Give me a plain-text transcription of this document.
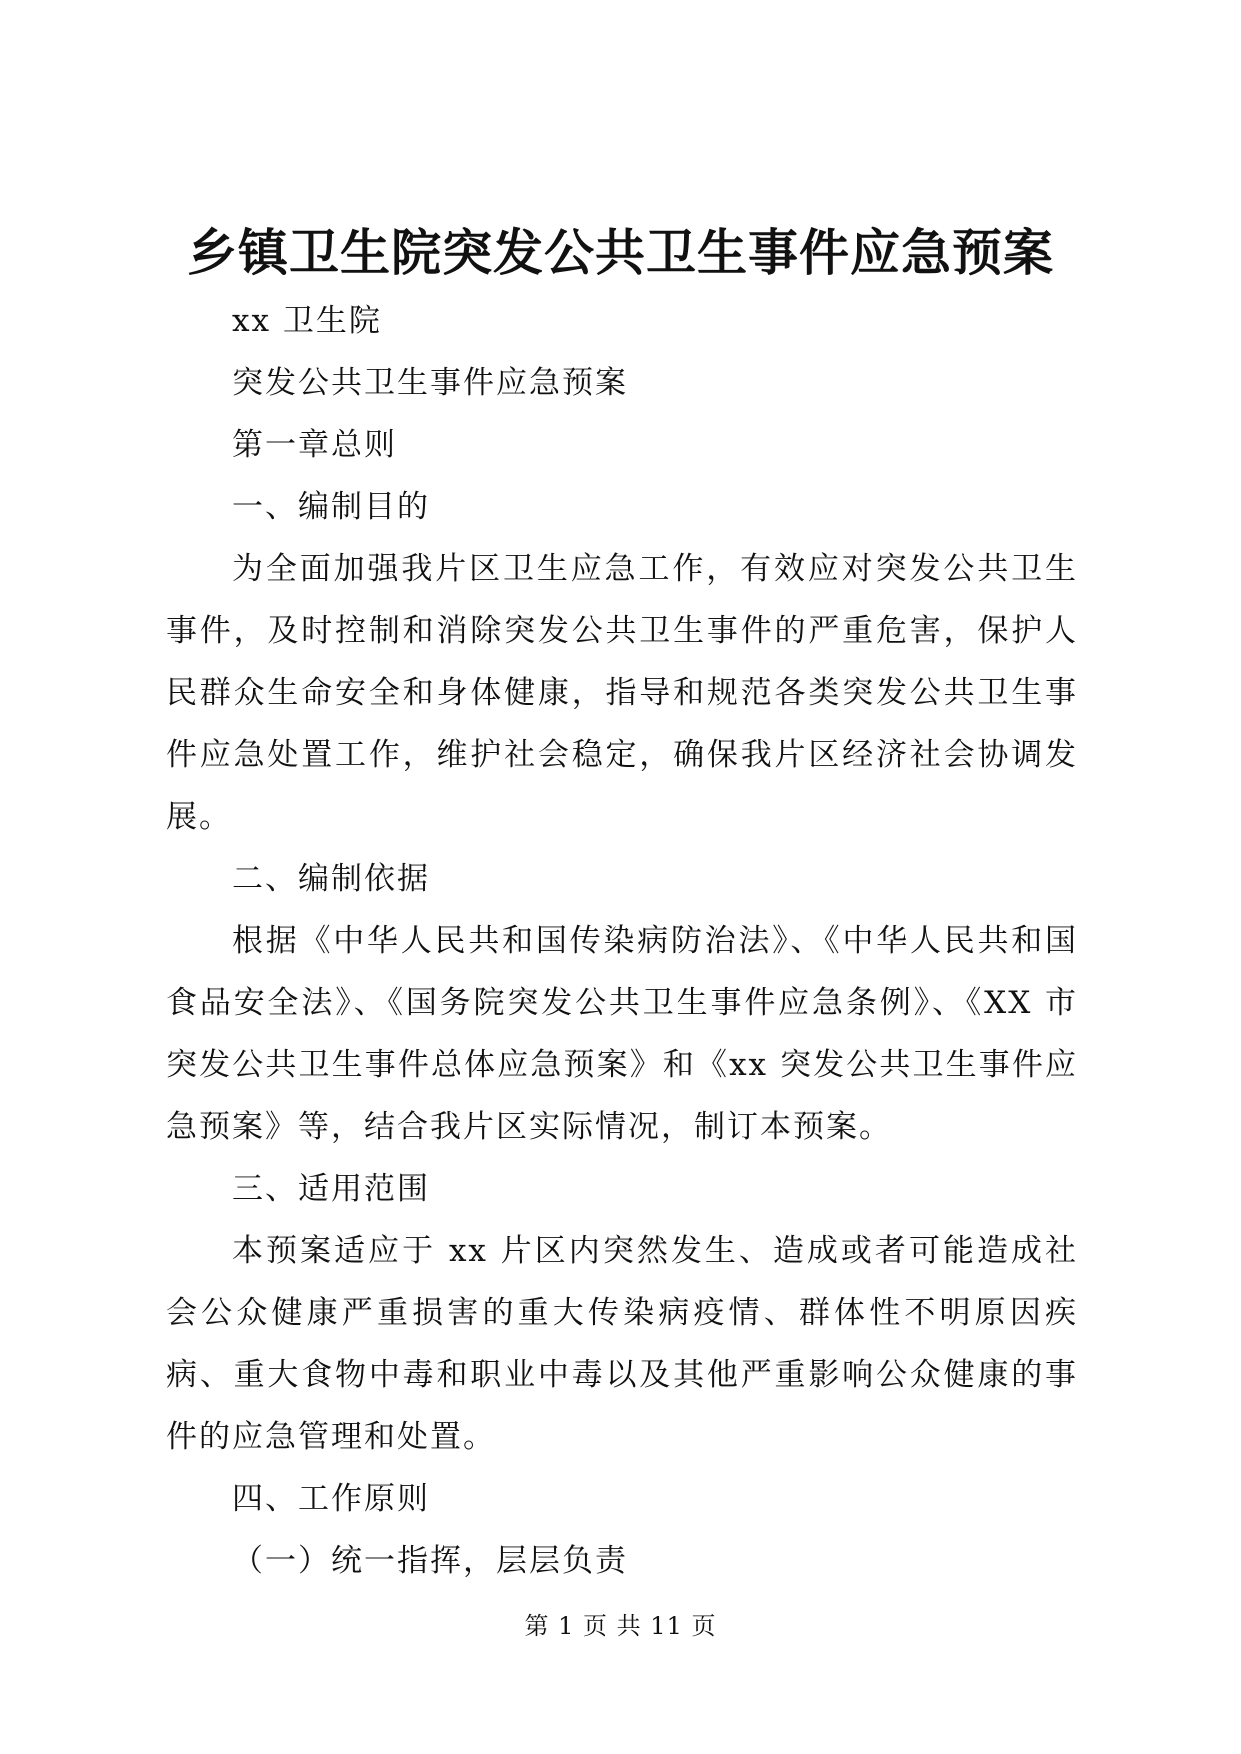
乡镇卫生院突发公共卫生事件应急预案

xx 卫生院

突发公共卫生事件应急预案

第一章总则

一、编制目的

为全面加强我片区卫生应急工作，有效应对突发公共卫生事件，及时控制和消除突发公共卫生事件的严重危害，保护人民群众生命安全和身体健康，指导和规范各类突发公共卫生事件应急处置工作，维护社会稳定，确保我片区经济社会协调发展。

二、编制依据

根据《中华人民共和国传染病防治法》、《中华人民共和国食品安全法》、《国务院突发公共卫生事件应急条例》、《XX 市突发公共卫生事件总体应急预案》和《xx 突发公共卫生事件应急预案》等，结合我片区实际情况，制订本预案。

三、适用范围

本预案适应于 xx 片区内突然发生、造成或者可能造成社会公众健康严重损害的重大传染病疫情、群体性不明原因疾病、重大食物中毒和职业中毒以及其他严重影响公众健康的事件的应急管理和处置。

四、工作原则

（一）统一指挥，层层负责

第 1 页 共 11 页
